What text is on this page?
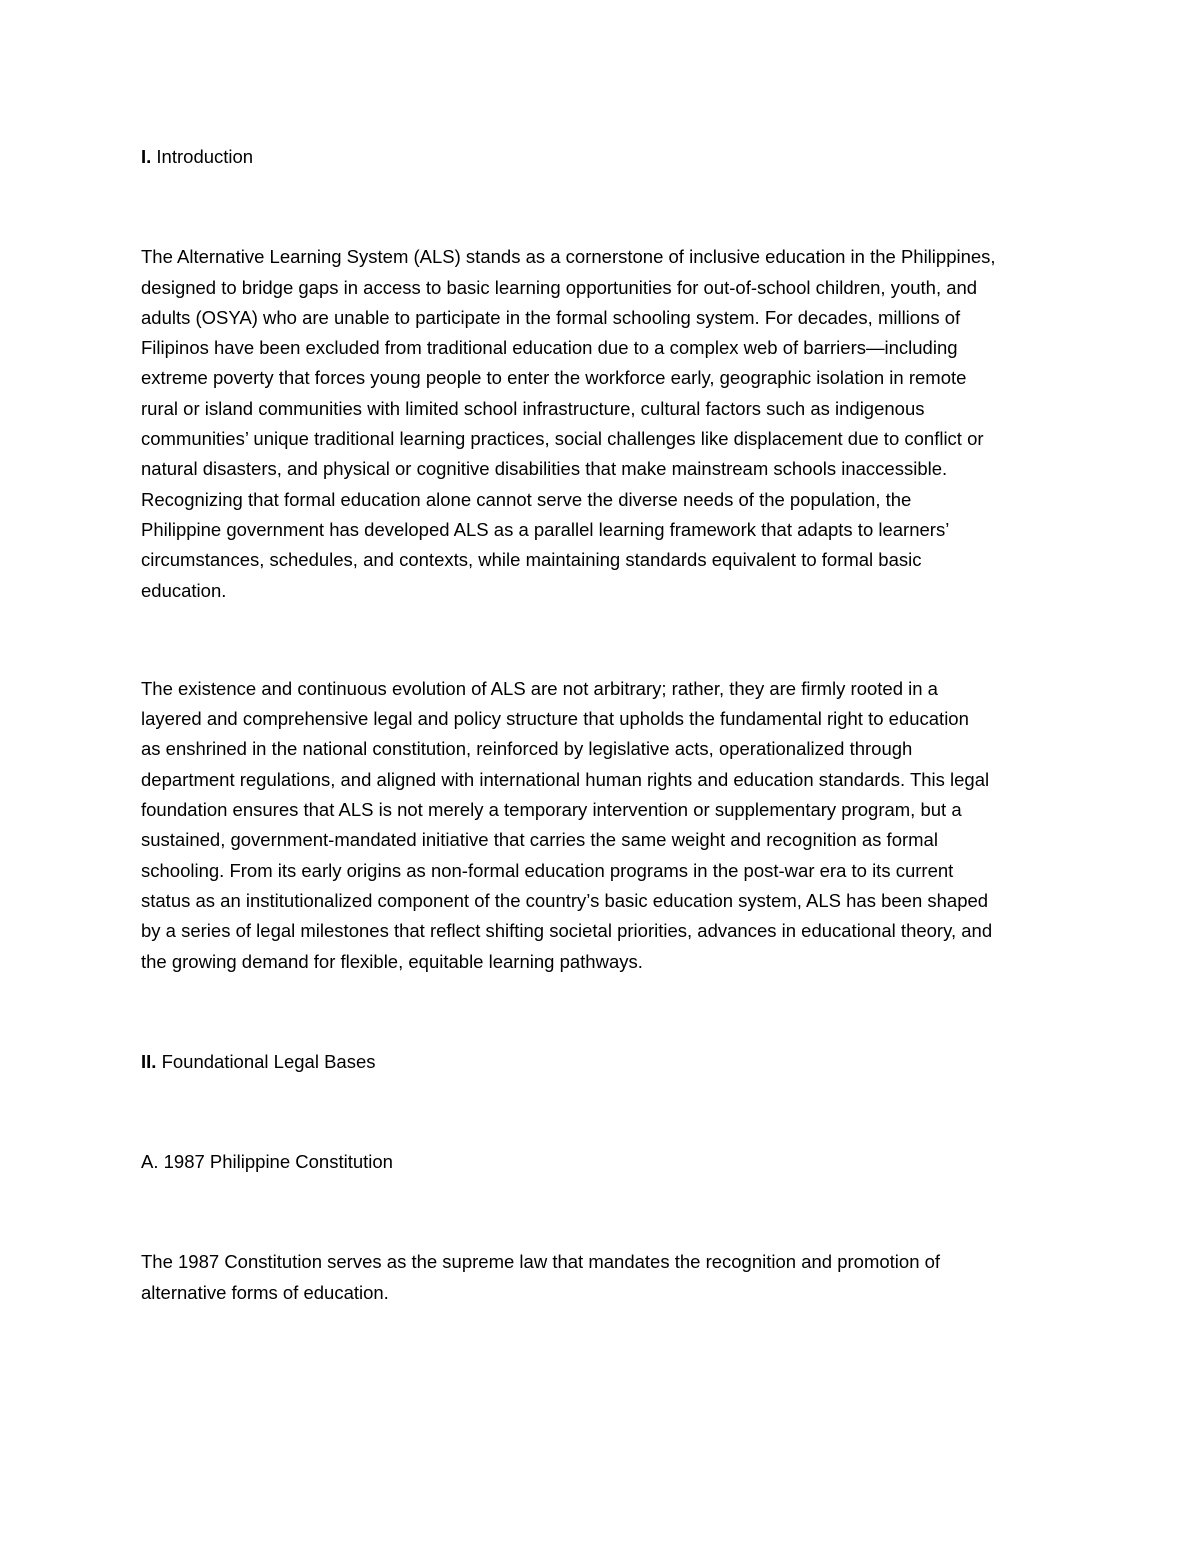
I. Introduction
The Alternative Learning System (ALS) stands as a cornerstone of inclusive education in the Philippines,
designed to bridge gaps in access to basic learning opportunities for out-of-school children, youth, and
adults (OSYA) who are unable to participate in the formal schooling system. For decades, millions of
Filipinos have been excluded from traditional education due to a complex web of barriers—including
extreme poverty that forces young people to enter the workforce early, geographic isolation in remote
rural or island communities with limited school infrastructure, cultural factors such as indigenous
communities’ unique traditional learning practices, social challenges like displacement due to conflict or
natural disasters, and physical or cognitive disabilities that make mainstream schools inaccessible.
Recognizing that formal education alone cannot serve the diverse needs of the population, the
Philippine government has developed ALS as a parallel learning framework that adapts to learners’
circumstances, schedules, and contexts, while maintaining standards equivalent to formal basic
education.
The existence and continuous evolution of ALS are not arbitrary; rather, they are firmly rooted in a
layered and comprehensive legal and policy structure that upholds the fundamental right to education
as enshrined in the national constitution, reinforced by legislative acts, operationalized through
department regulations, and aligned with international human rights and education standards. This legal
foundation ensures that ALS is not merely a temporary intervention or supplementary program, but a
sustained, government-mandated initiative that carries the same weight and recognition as formal
schooling. From its early origins as non-formal education programs in the post-war era to its current
status as an institutionalized component of the country’s basic education system, ALS has been shaped
by a series of legal milestones that reflect shifting societal priorities, advances in educational theory, and
the growing demand for flexible, equitable learning pathways.
II. Foundational Legal Bases
A. 1987 Philippine Constitution
The 1987 Constitution serves as the supreme law that mandates the recognition and promotion of
alternative forms of education.
